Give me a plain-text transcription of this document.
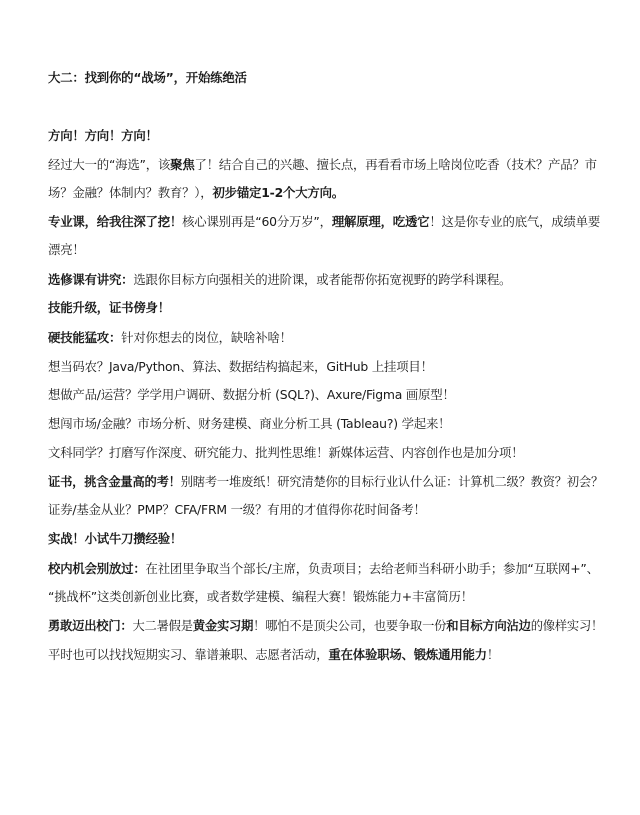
大二：找到你的“战场”，开始练绝活
方向！方向！方向！
经过大一的“海选”，该聚焦了！结合自己的兴趣、擅长点，再看看市场上啥岗位吃香（技术？产品？市
场？金融？体制内？教育？），初步锚定1-2个大方向。
专业课，给我往深了挖！核心课别再是“60分万岁”，理解原理，吃透它！这是你专业的底气，成绩单要
漂亮！
选修课有讲究：选跟你目标方向强相关的进阶课，或者能帮你拓宽视野的跨学科课程。
技能升级，证书傍身！
硬技能猛攻：针对你想去的岗位，缺啥补啥！
想当码农？Java/Python、算法、数据结构搞起来，GitHub 上挂项目！
想做产品/运营？学学用户调研、数据分析 (SQL?)、Axure/Figma 画原型！
想闯市场/金融？市场分析、财务建模、商业分析工具 (Tableau?) 学起来！
文科同学？打磨写作深度、研究能力、批判性思维！新媒体运营、内容创作也是加分项！
证书，挑含金量高的考！别瞎考一堆废纸！研究清楚你的目标行业认什么证：计算机二级？教资？初会？
证券/基金从业？PMP？CFA/FRM 一级？有用的才值得你花时间备考！
实战！小试牛刀攒经验！
校内机会别放过：在社团里争取当个部长/主席，负责项目；去给老师当科研小助手；参加“互联网+”、
“挑战杯”这类创新创业比赛，或者数学建模、编程大赛！锻炼能力+丰富简历！
勇敢迈出校门：大二暑假是黄金实习期！哪怕不是顶尖公司，也要争取一份和目标方向沾边的像样实习！
平时也可以找找短期实习、靠谱兼职、志愿者活动，重在体验职场、锻炼通用能力！
